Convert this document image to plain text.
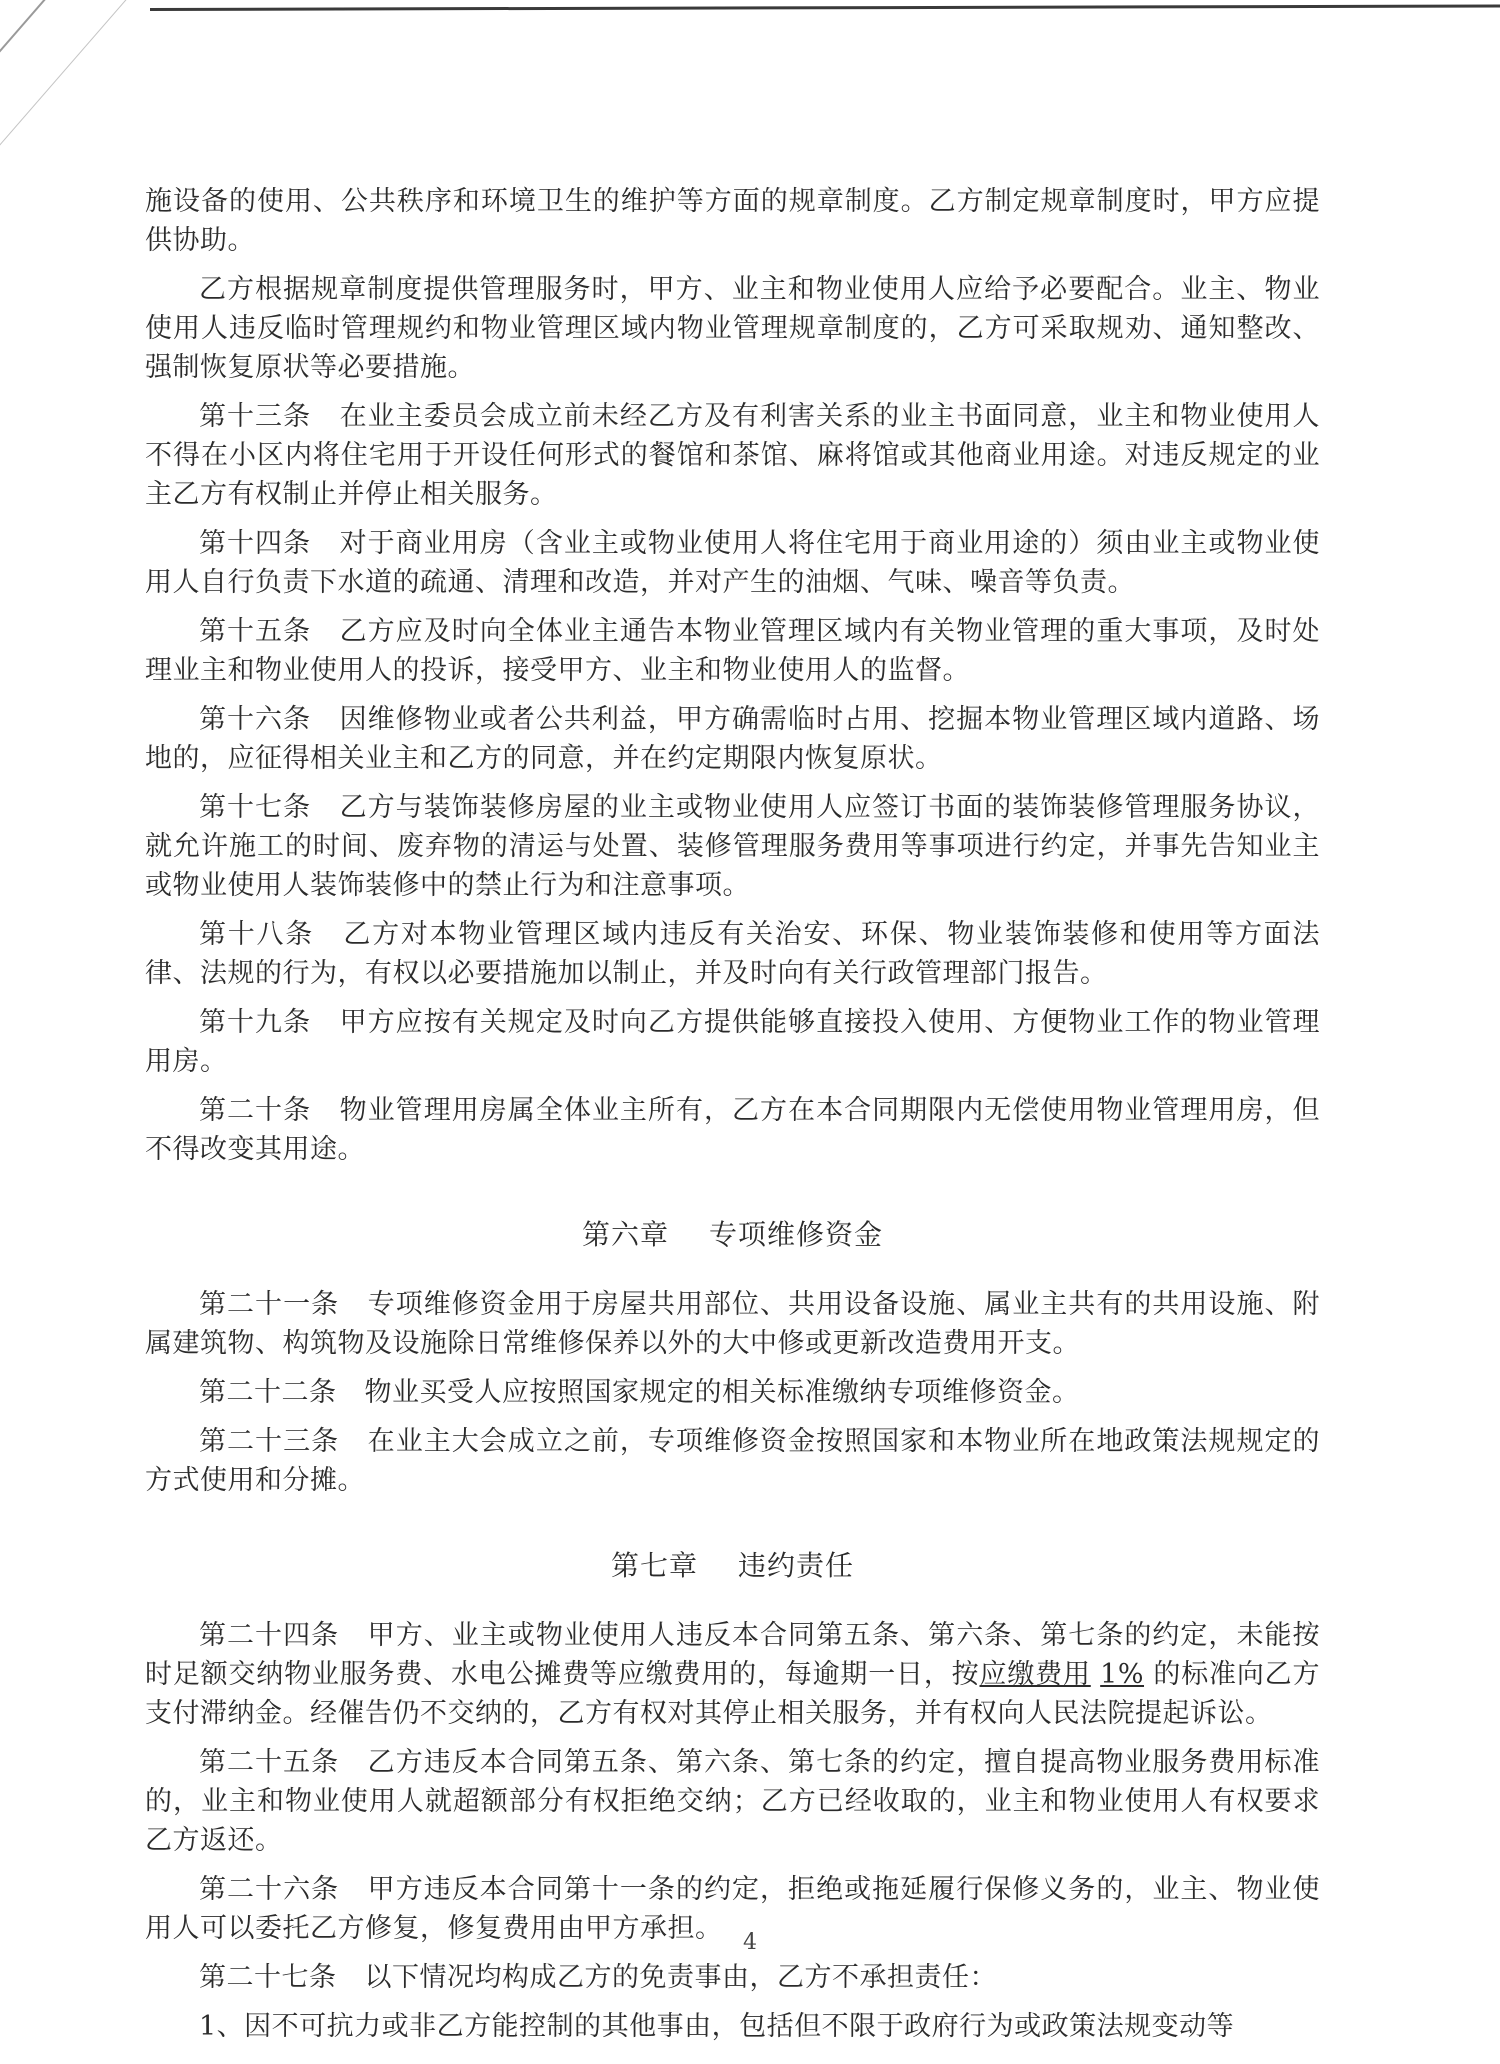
施设备的使用、公共秩序和环境卫生的维护等方面的规章制度。乙方制定规章制度时，甲方应提供协助。

乙方根据规章制度提供管理服务时，甲方、业主和物业使用人应给予必要配合。业主、物业使用人违反临时管理规约和物业管理区域内物业管理规章制度的，乙方可采取规劝、通知整改、强制恢复原状等必要措施。

第十三条 在业主委员会成立前未经乙方及有利害关系的业主书面同意，业主和物业使用人不得在小区内将住宅用于开设任何形式的餐馆和茶馆、麻将馆或其他商业用途。对违反规定的业主乙方有权制止并停止相关服务。

第十四条 对于商业用房（含业主或物业使用人将住宅用于商业用途的）须由业主或物业使用人自行负责下水道的疏通、清理和改造，并对产生的油烟、气味、噪音等负责。

第十五条 乙方应及时向全体业主通告本物业管理区域内有关物业管理的重大事项，及时处理业主和物业使用人的投诉，接受甲方、业主和物业使用人的监督。

第十六条 因维修物业或者公共利益，甲方确需临时占用、挖掘本物业管理区域内道路、场地的，应征得相关业主和乙方的同意，并在约定期限内恢复原状。

第十七条 乙方与装饰装修房屋的业主或物业使用人应签订书面的装饰装修管理服务协议，就允许施工的时间、废弃物的清运与处置、装修管理服务费用等事项进行约定，并事先告知业主或物业使用人装饰装修中的禁止行为和注意事项。

第十八条 乙方对本物业管理区域内违反有关治安、环保、物业装饰装修和使用等方面法律、法规的行为，有权以必要措施加以制止，并及时向有关行政管理部门报告。

第十九条 甲方应按有关规定及时向乙方提供能够直接投入使用、方便物业工作的物业管理用房。

第二十条 物业管理用房属全体业主所有，乙方在本合同期限内无偿使用物业管理用房，但不得改变其用途。

第六章 专项维修资金

第二十一条 专项维修资金用于房屋共用部位、共用设备设施、属业主共有的共用设施、附属建筑物、构筑物及设施除日常维修保养以外的大中修或更新改造费用开支。

第二十二条 物业买受人应按照国家规定的相关标准缴纳专项维修资金。

第二十三条 在业主大会成立之前，专项维修资金按照国家和本物业所在地政策法规规定的方式使用和分摊。

第七章 违约责任

第二十四条 甲方、业主或物业使用人违反本合同第五条、第六条、第七条的约定，未能按时足额交纳物业服务费、水电公摊费等应缴费用的，每逾期一日，按应缴费用 1% 的标准向乙方支付滞纳金。经催告仍不交纳的，乙方有权对其停止相关服务，并有权向人民法院提起诉讼。

第二十五条 乙方违反本合同第五条、第六条、第七条的约定，擅自提高物业服务费用标准的，业主和物业使用人就超额部分有权拒绝交纳；乙方已经收取的，业主和物业使用人有权要求乙方返还。

第二十六条 甲方违反本合同第十一条的约定，拒绝或拖延履行保修义务的，业主、物业使用人可以委托乙方修复，修复费用由甲方承担。

第二十七条 以下情况均构成乙方的免责事由，乙方不承担责任：

1、因不可抗力或非乙方能控制的其他事由，包括但不限于政府行为或政策法规变动等

4
